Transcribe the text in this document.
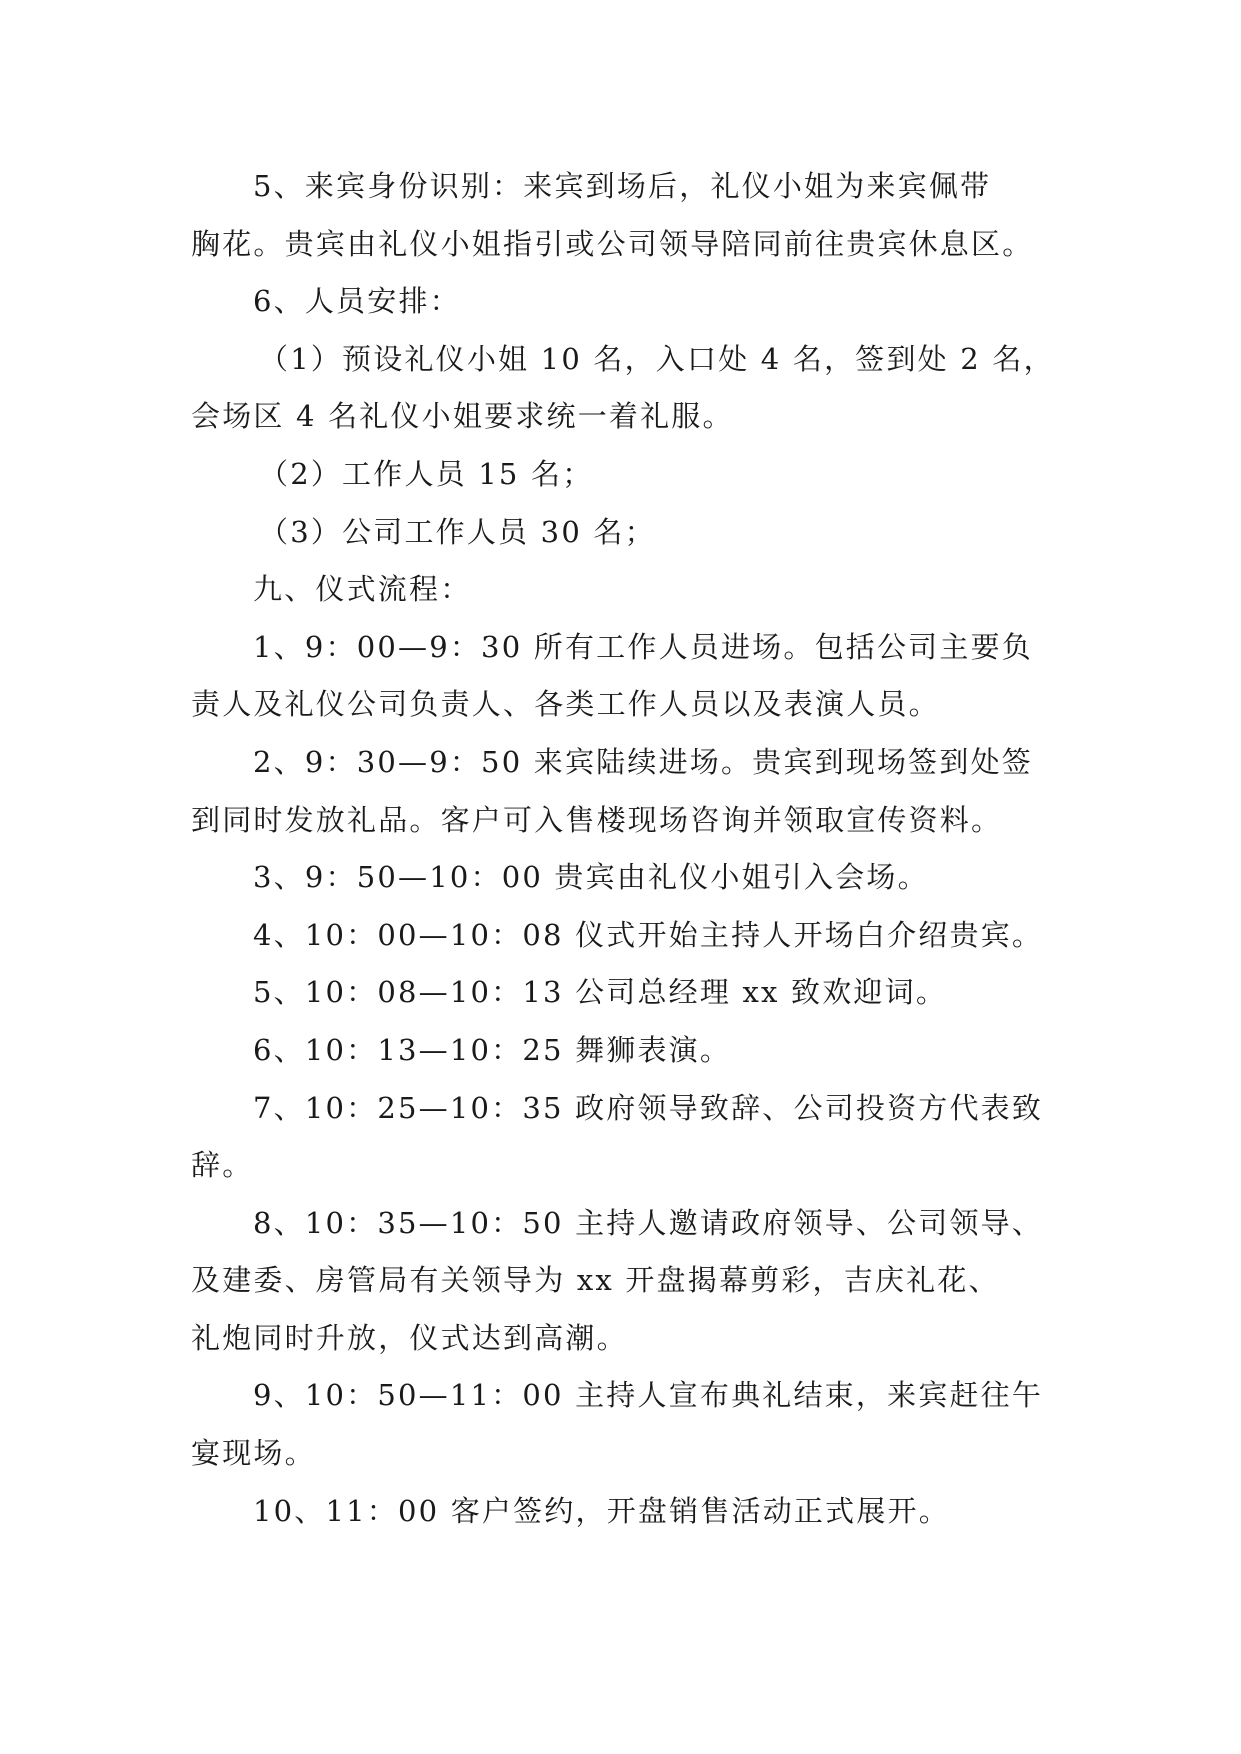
5、来宾身份识别：来宾到场后，礼仪小姐为来宾佩带

胸花。贵宾由礼仪小姐指引或公司领导陪同前往贵宾休息区。

6、人员安排：

（1）预设礼仪小姐 10 名，入口处 4 名，签到处 2 名，

会场区 4 名礼仪小姐要求统一着礼服。

（2）工作人员 15 名；

（3）公司工作人员 30 名；

九、仪式流程：

1、9：00—9：30 所有工作人员进场。包括公司主要负

责人及礼仪公司负责人、各类工作人员以及表演人员。

2、9：30—9：50 来宾陆续进场。贵宾到现场签到处签

到同时发放礼品。客户可入售楼现场咨询并领取宣传资料。

3、9：50—10：00 贵宾由礼仪小姐引入会场。

4、10：00—10：08 仪式开始主持人开场白介绍贵宾。

5、10：08—10：13 公司总经理 xx 致欢迎词。

6、10：13—10：25 舞狮表演。

7、10：25—10：35 政府领导致辞、公司投资方代表致

辞。

8、10：35—10：50 主持人邀请政府领导、公司领导、

及建委、房管局有关领导为 xx 开盘揭幕剪彩，吉庆礼花、

礼炮同时升放，仪式达到高潮。

9、10：50—11：00 主持人宣布典礼结束，来宾赶往午

宴现场。

10、11：00 客户签约，开盘销售活动正式展开。
